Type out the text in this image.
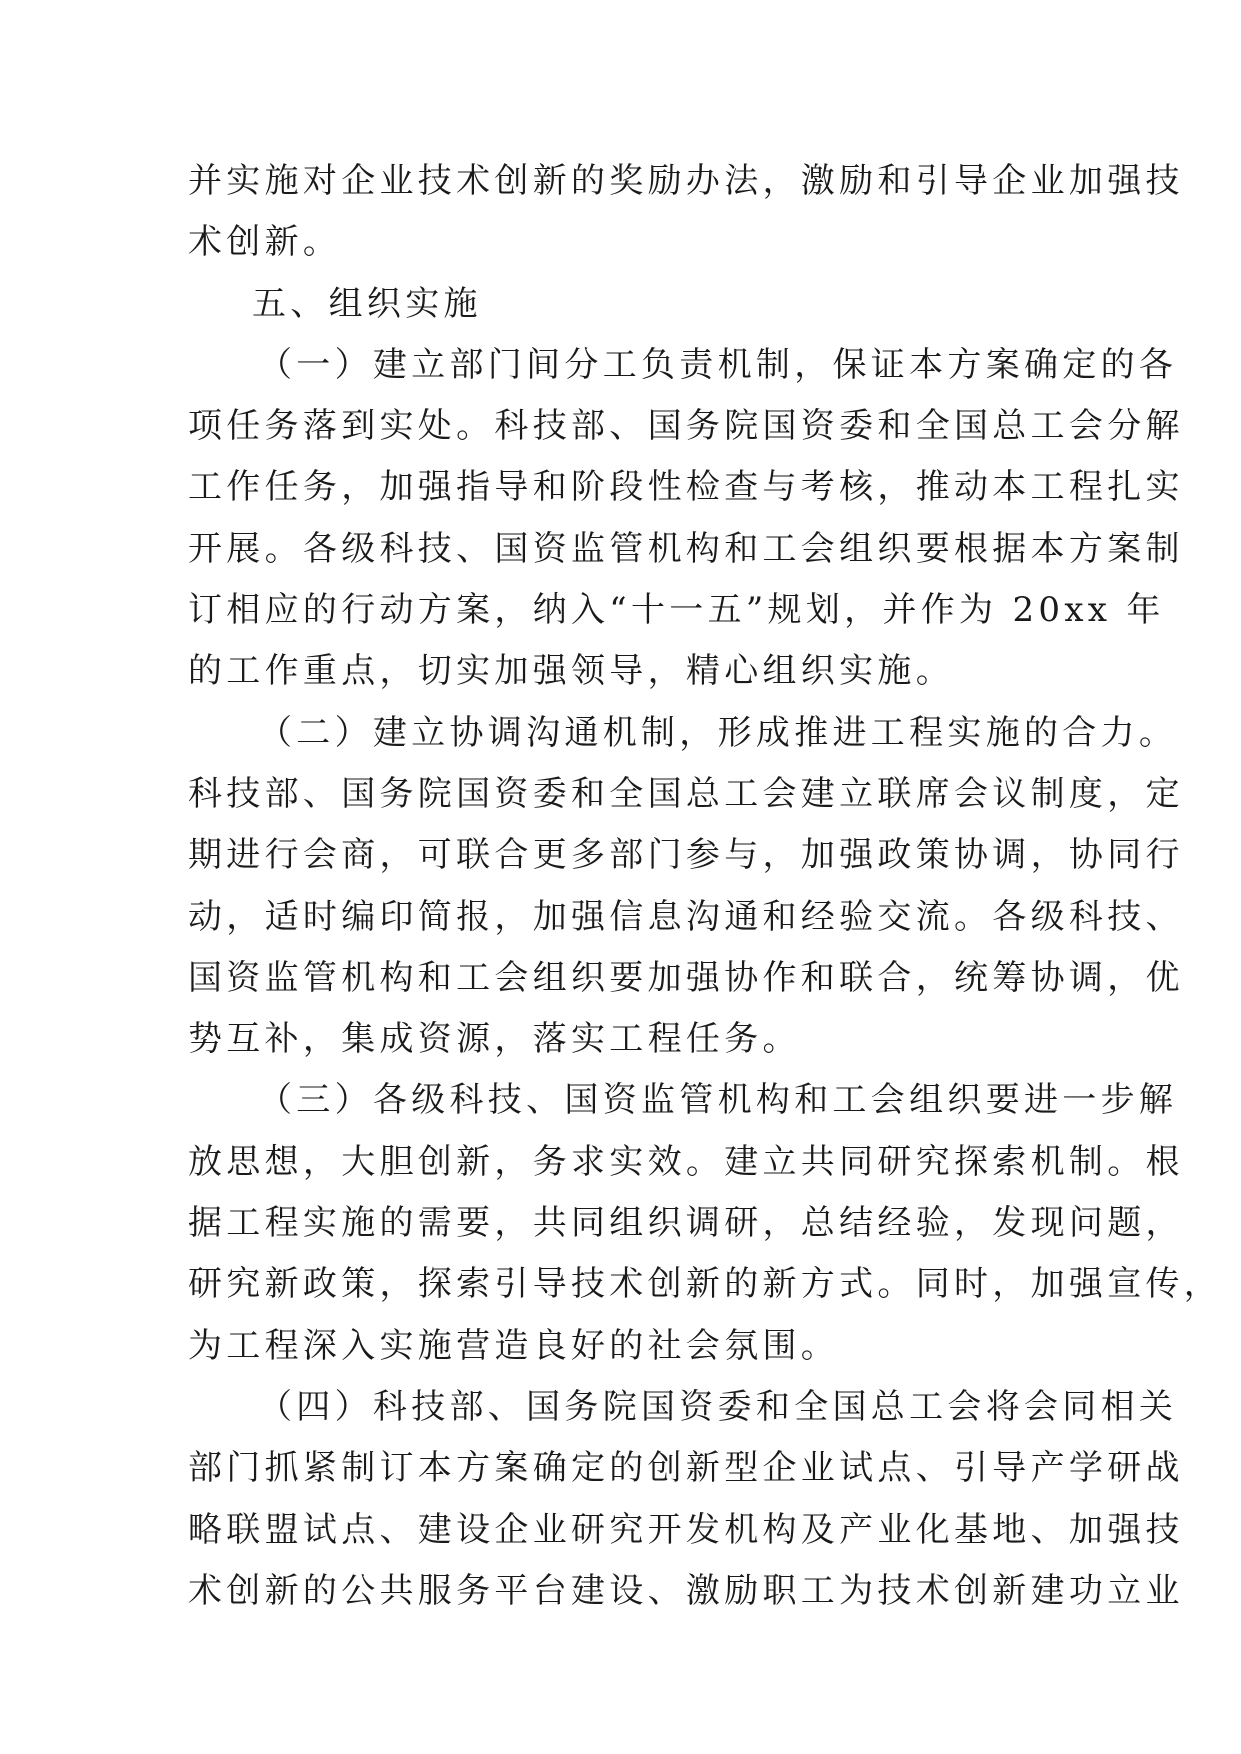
并实施对企业技术创新的奖励办法，激励和引导企业加强技
术创新。
五、组织实施
（一）建立部门间分工负责机制，保证本方案确定的各
项任务落到实处。科技部、国务院国资委和全国总工会分解
工作任务，加强指导和阶段性检查与考核，推动本工程扎实
开展。各级科技、国资监管机构和工会组织要根据本方案制
订相应的行动方案，纳入“十一五”规划，并作为 20xx 年
的工作重点，切实加强领导，精心组织实施。
（二）建立协调沟通机制，形成推进工程实施的合力。
科技部、国务院国资委和全国总工会建立联席会议制度，定
期进行会商，可联合更多部门参与，加强政策协调，协同行
动，适时编印简报，加强信息沟通和经验交流。各级科技、
国资监管机构和工会组织要加强协作和联合，统筹协调，优
势互补，集成资源，落实工程任务。
（三）各级科技、国资监管机构和工会组织要进一步解
放思想，大胆创新，务求实效。建立共同研究探索机制。根
据工程实施的需要，共同组织调研，总结经验，发现问题，
研究新政策，探索引导技术创新的新方式。同时，加强宣传，
为工程深入实施营造良好的社会氛围。
（四）科技部、国务院国资委和全国总工会将会同相关
部门抓紧制订本方案确定的创新型企业试点、引导产学研战
略联盟试点、建设企业研究开发机构及产业化基地、加强技
术创新的公共服务平台建设、激励职工为技术创新建功立业
